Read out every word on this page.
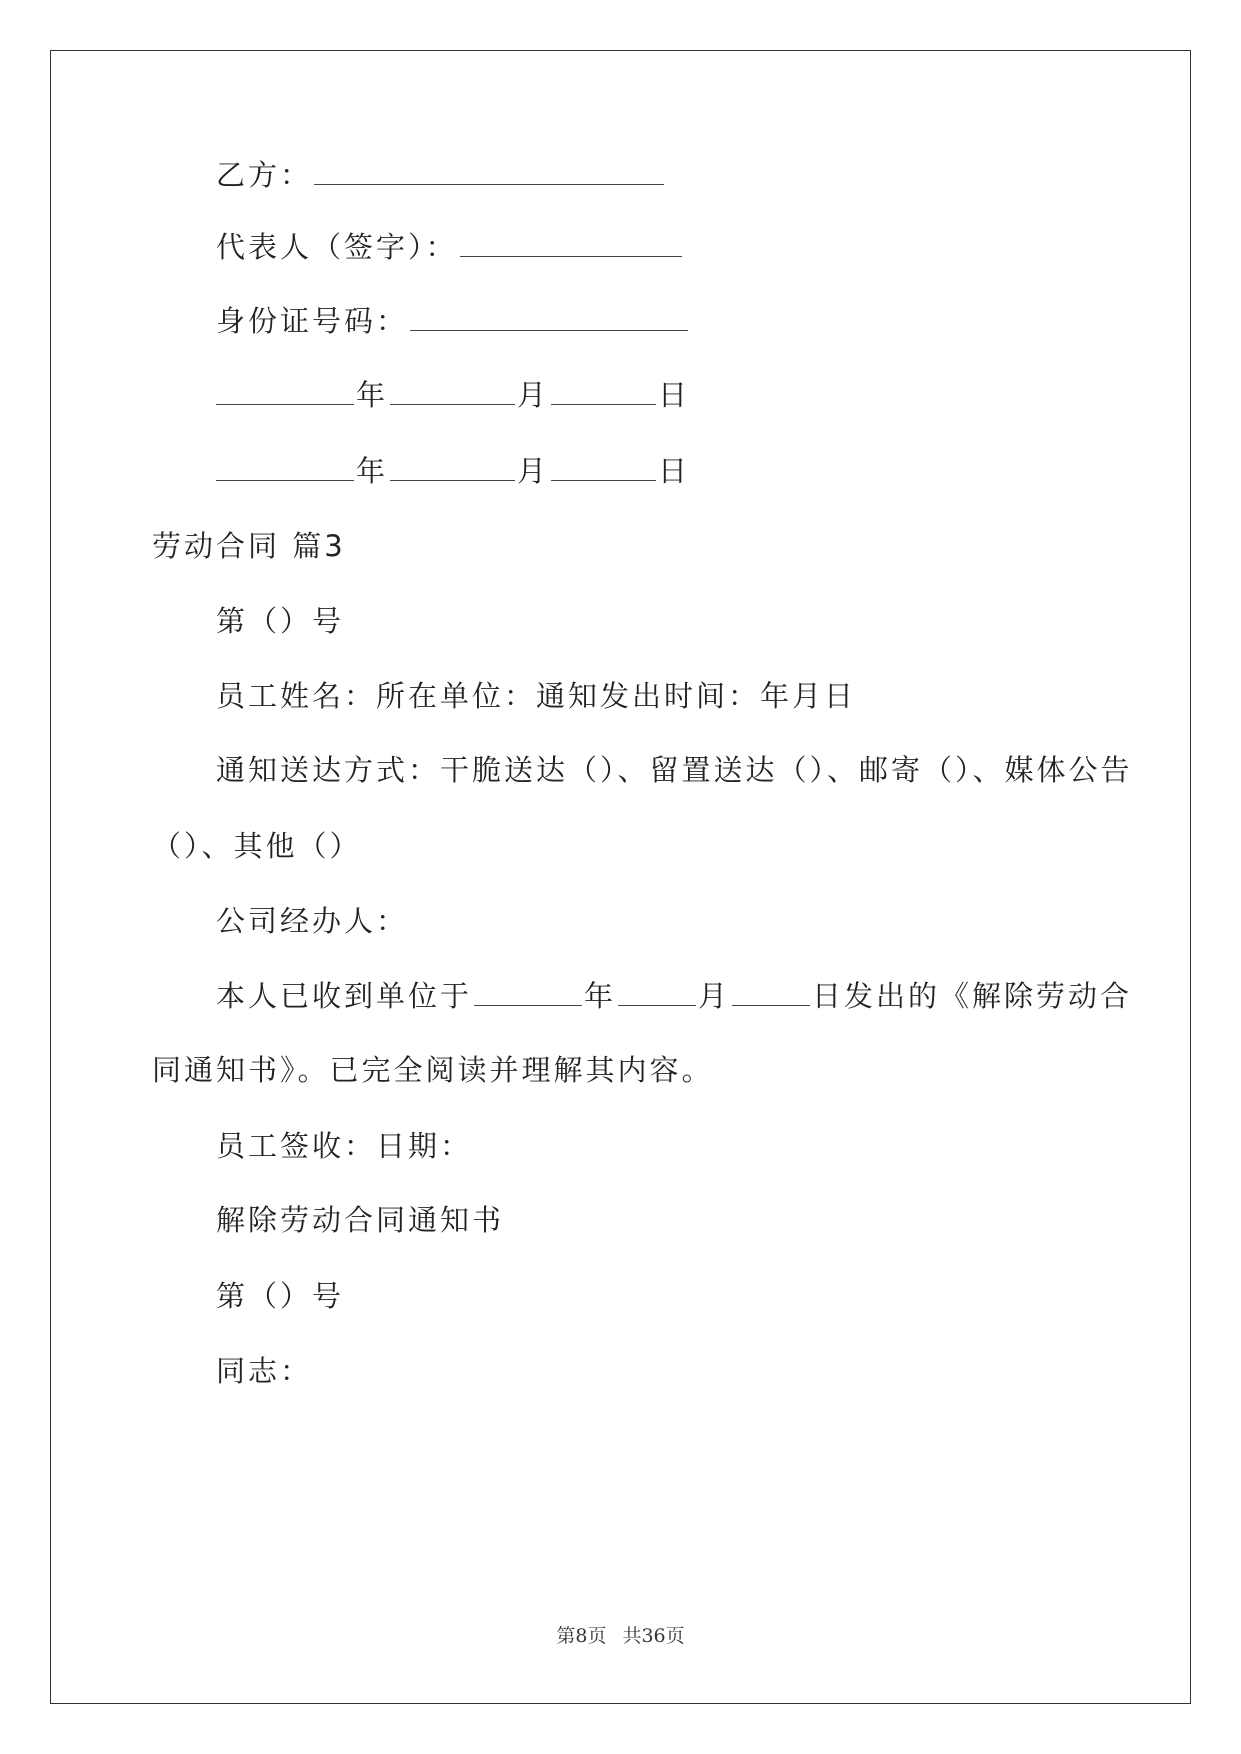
乙方：
代表人（签字）：
身份证号码：
年	月	日
年	月	日
劳动合同 篇3
第（）号
员工姓名：所在单位：通知发出时间：年月日
通知送达方式：干脆送达（）、留置送达（）、邮寄（）、媒体公告
（）、其他（）
公司经办人：
本人已收到单位于	年	月	日发出的《解除劳动合
同通知书》。已完全阅读并理解其内容。
员工签收：日期：
解除劳动合同通知书
第（）号
同志：
第8页 共36页
